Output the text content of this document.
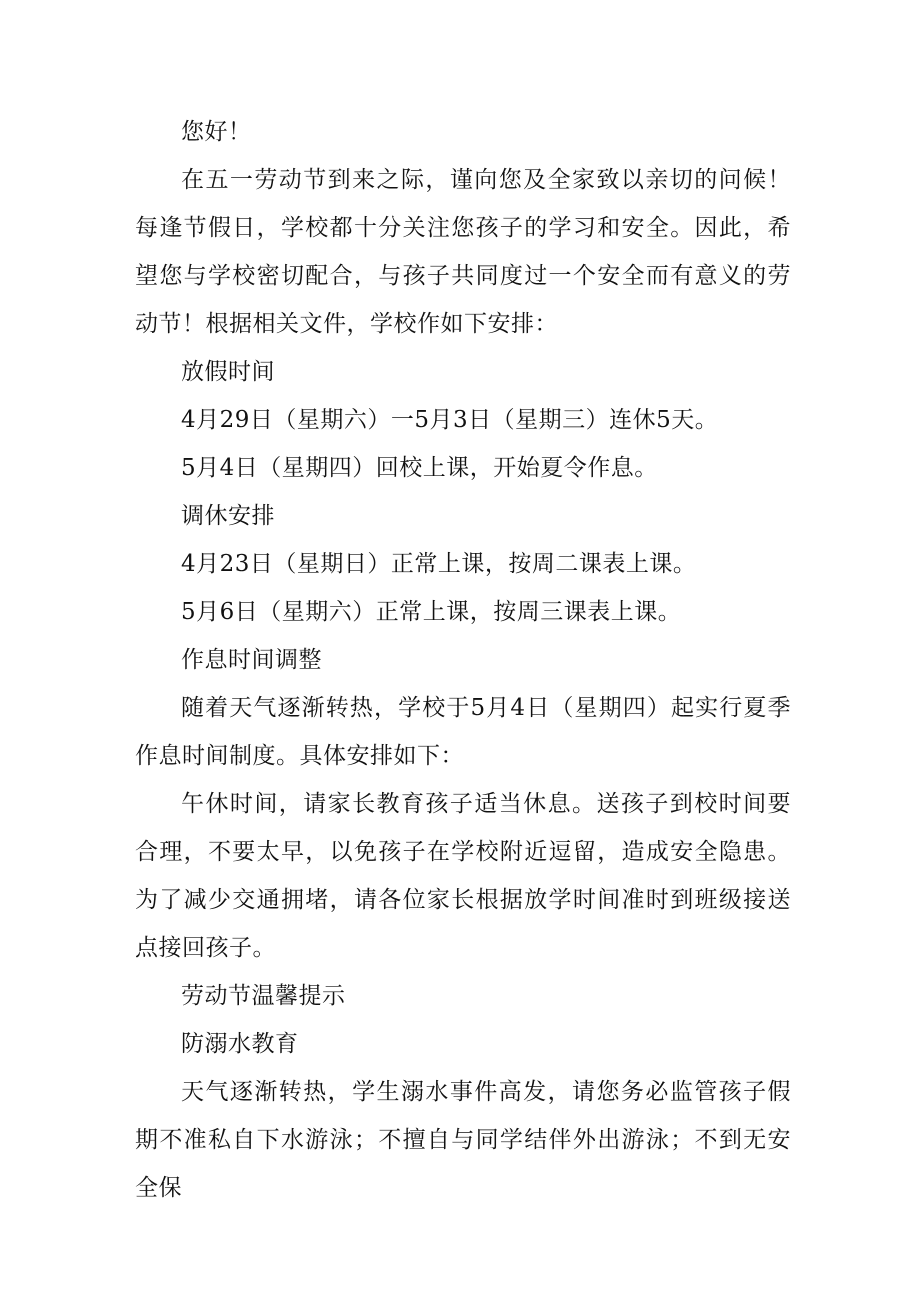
您好！

在五一劳动节到来之际，谨向您及全家致以亲切的问候！每逢节假日，学校都十分关注您孩子的学习和安全。因此，希望您与学校密切配合，与孩子共同度过一个安全而有意义的劳动节！根据相关文件，学校作如下安排：

放假时间

4月29日（星期六）一5月3日（星期三）连休5天。

5月4日（星期四）回校上课，开始夏令作息。

调休安排

4月23日（星期日）正常上课，按周二课表上课。

5月6日（星期六）正常上课，按周三课表上课。

作息时间调整

随着天气逐渐转热，学校于5月4日（星期四）起实行夏季作息时间制度。具体安排如下：

午休时间，请家长教育孩子适当休息。送孩子到校时间要合理，不要太早，以免孩子在学校附近逗留，造成安全隐患。为了减少交通拥堵，请各位家长根据放学时间准时到班级接送点接回孩子。

劳动节温馨提示

防溺水教育

天气逐渐转热，学生溺水事件高发，请您务必监管孩子假期不准私自下水游泳；不擅自与同学结伴外出游泳；不到无安全保
